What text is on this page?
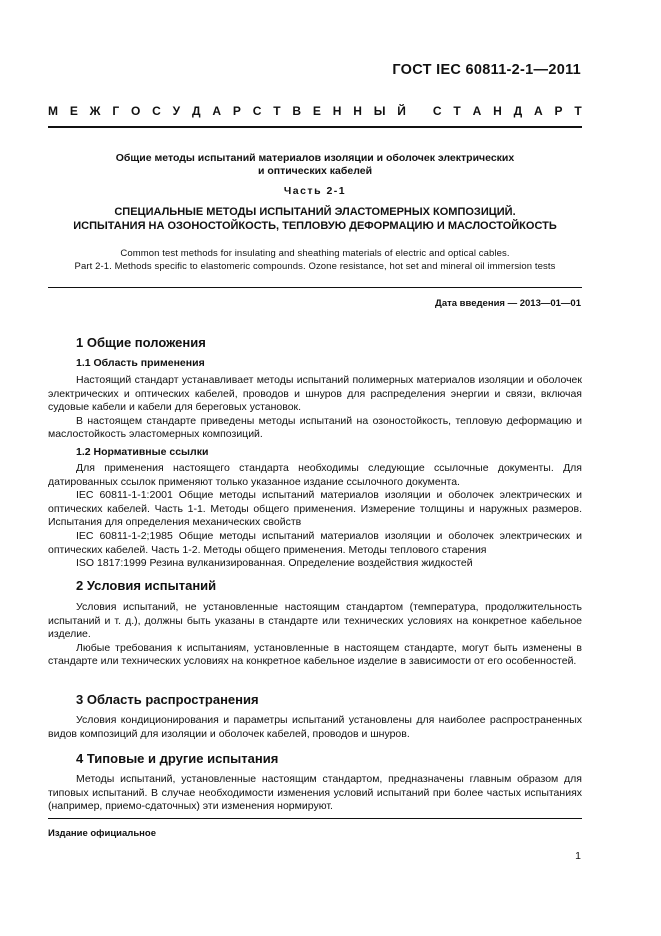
ГОСТ IEC 60811-2-1—2011
М Е Ж Г О С У Д А Р С Т В Е Н Н Ы Й
С Т А Н Д А Р Т
Общие методы испытаний материалов изоляции и оболочек электрических
и оптических кабелей
Часть 2-1
СПЕЦИАЛЬНЫЕ МЕТОДЫ ИСПЫТАНИЙ ЭЛАСТОМЕРНЫХ КОМПОЗИЦИЙ.
ИСПЫТАНИЯ НА ОЗОНОСТОЙКОСТЬ, ТЕПЛОВУЮ ДЕФОРМАЦИЮ И МАСЛОСТОЙКОСТЬ
Common test methods for insulating and sheathing materials of electric and optical cables.
Part 2-1. Methods specific to elastomeric compounds. Ozone resistance, hot set and mineral oil immersion tests
Дата введения — 2013—01—01
1 Общие положения
1.1 Область применения

Настоящий стандарт устанавливает методы испытаний полимерных материалов изоляции и оболочек электрических и оптических кабелей, проводов и шнуров для распределения энергии и связи, включая судовые кабели и кабели для береговых установок.

В настоящем стандарте приведены методы испытаний на озоностойкость, тепловую деформацию и маслостойкость эластомерных композиций.

1.2 Нормативные ссылки

Для применения настоящего стандарта необходимы следующие ссылочные документы. Для датированных ссылок применяют только указанное издание ссылочного документа.

IEC 60811-1-1:2001 Общие методы испытаний материалов изоляции и оболочек электрических и оптических кабелей. Часть 1-1. Методы общего применения. Измерение толщины и наружных размеров. Испытания для определения механических свойств

IEC 60811-1-2;1985 Общие методы испытаний материалов изоляции и оболочек электрических и оптических кабелей. Часть 1-2. Методы общего применения. Методы теплового старения

ISO 1817:1999 Резина вулканизированная. Определение воздействия жидкостей

2 Условия испытаний

Условия испытаний, не установленные настоящим стандартом (температура, продолжительность испытаний и т. д.), должны быть указаны в стандарте или технических условиях на конкретное кабельное изделие.

Любые требования к испытаниям, установленные в настоящем стандарте, могут быть изменены в стандарте или технических условиях на конкретное кабельное изделие в зависимости от его особенностей.

3 Область распространения

Условия кондиционирования и параметры испытаний установлены для наиболее распространенных видов композиций для изоляции и оболочек кабелей, проводов и шнуров.

4 Типовые и другие испытания

Методы испытаний, установленные настоящим стандартом, предназначены главным образом для типовых испытаний. В случае необходимости изменения условий испытаний при более частых испытаниях (например, приемо-сдаточных) эти изменения нормируют.

Издание официальное
1
